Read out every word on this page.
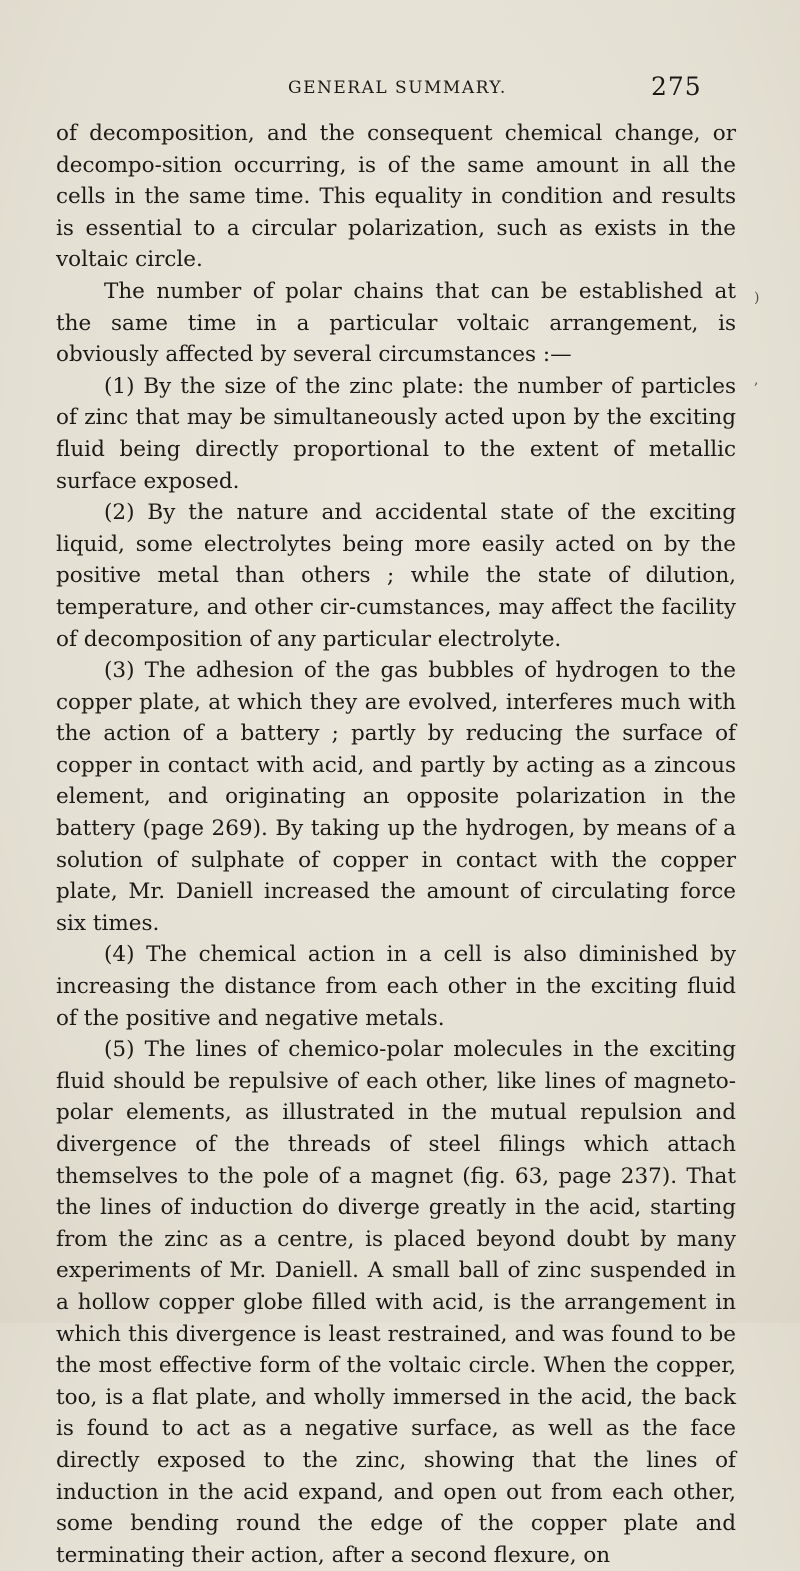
GENERAL SUMMARY.	275

of decomposition, and the consequent chemical change, or decompo-sition occurring, is of the same amount in all the cells in the same time. This equality in condition and results is essential to a circular polarization, such as exists in the voltaic circle.

The number of polar chains that can be established at the same time in a particular voltaic arrangement, is obviously affected by several circumstances :—

(1) By the size of the zinc plate: the number of particles of zinc that may be simultaneously acted upon by the exciting fluid being directly proportional to the extent of metallic surface exposed.

(2) By the nature and accidental state of the exciting liquid, some electrolytes being more easily acted on by the positive metal than others ; while the state of dilution, temperature, and other cir-cumstances, may affect the facility of decomposition of any particular electrolyte.

(3) The adhesion of the gas bubbles of hydrogen to the copper plate, at which they are evolved, interferes much with the action of a battery ; partly by reducing the surface of copper in contact with acid, and partly by acting as a zincous element, and originating an opposite polarization in the battery (page 269). By taking up the hydrogen, by means of a solution of sulphate of copper in contact with the copper plate, Mr. Daniell increased the amount of circulating force six times.

(4) The chemical action in a cell is also diminished by increasing the distance from each other in the exciting fluid of the positive and negative metals.

(5) The lines of chemico-polar molecules in the exciting fluid should be repulsive of each other, like lines of magneto-polar elements, as illustrated in the mutual repulsion and divergence of the threads of steel filings which attach themselves to the pole of a magnet (fig. 63, page 237). That the lines of induction do diverge greatly in the acid, starting from the zinc as a centre, is placed beyond doubt by many experiments of Mr. Daniell. A small ball of zinc suspended in a hollow copper globe filled with acid, is the arrangement in which this divergence is least restrained, and was found to be the most effective form of the voltaic circle. When the copper, too, is a flat plate, and wholly immersed in the acid, the back is found to act as a negative surface, as well as the face directly exposed to the zinc, showing that the lines of induction in the acid expand, and open out from each other, some bending round the edge of the copper plate and terminating their action, after a second flexure, on

)
,
